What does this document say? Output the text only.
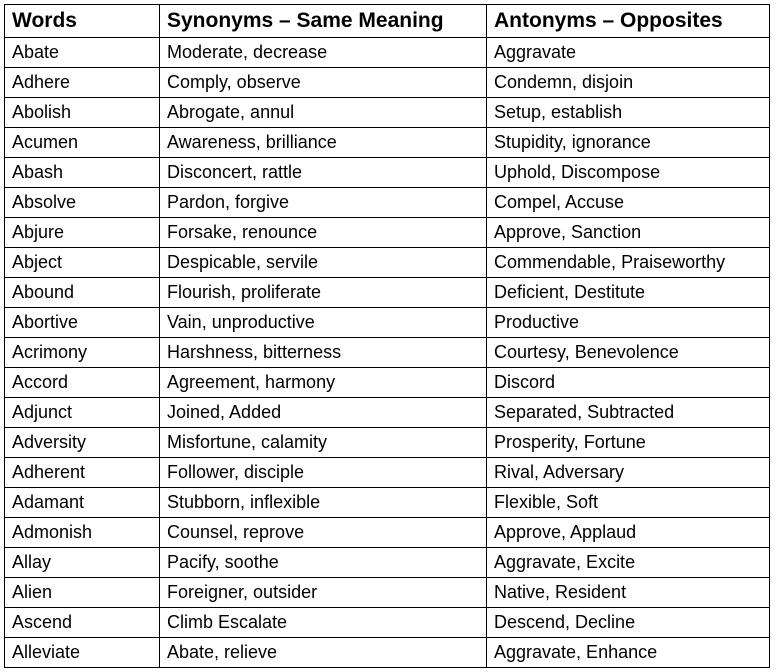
Words	Synonyms – Same Meaning	Antonyms – Opposites
Abate	Moderate, decrease	Aggravate
Adhere	Comply, observe	Condemn, disjoin
Abolish	Abrogate, annul	Setup, establish
Acumen	Awareness, brilliance	Stupidity, ignorance
Abash	Disconcert, rattle	Uphold, Discompose
Absolve	Pardon, forgive	Compel, Accuse
Abjure	Forsake, renounce	Approve, Sanction
Abject	Despicable, servile	Commendable, Praiseworthy
Abound	Flourish, proliferate	Deficient, Destitute
Abortive	Vain, unproductive	Productive
Acrimony	Harshness, bitterness	Courtesy, Benevolence
Accord	Agreement, harmony	Discord
Adjunct	Joined, Added	Separated, Subtracted
Adversity	Misfortune, calamity	Prosperity, Fortune
Adherent	Follower, disciple	Rival, Adversary
Adamant	Stubborn, inflexible	Flexible, Soft
Admonish	Counsel, reprove	Approve, Applaud
Allay	Pacify, soothe	Aggravate, Excite
Alien	Foreigner, outsider	Native, Resident
Ascend	Climb Escalate	Descend, Decline
Alleviate	Abate, relieve	Aggravate, Enhance
